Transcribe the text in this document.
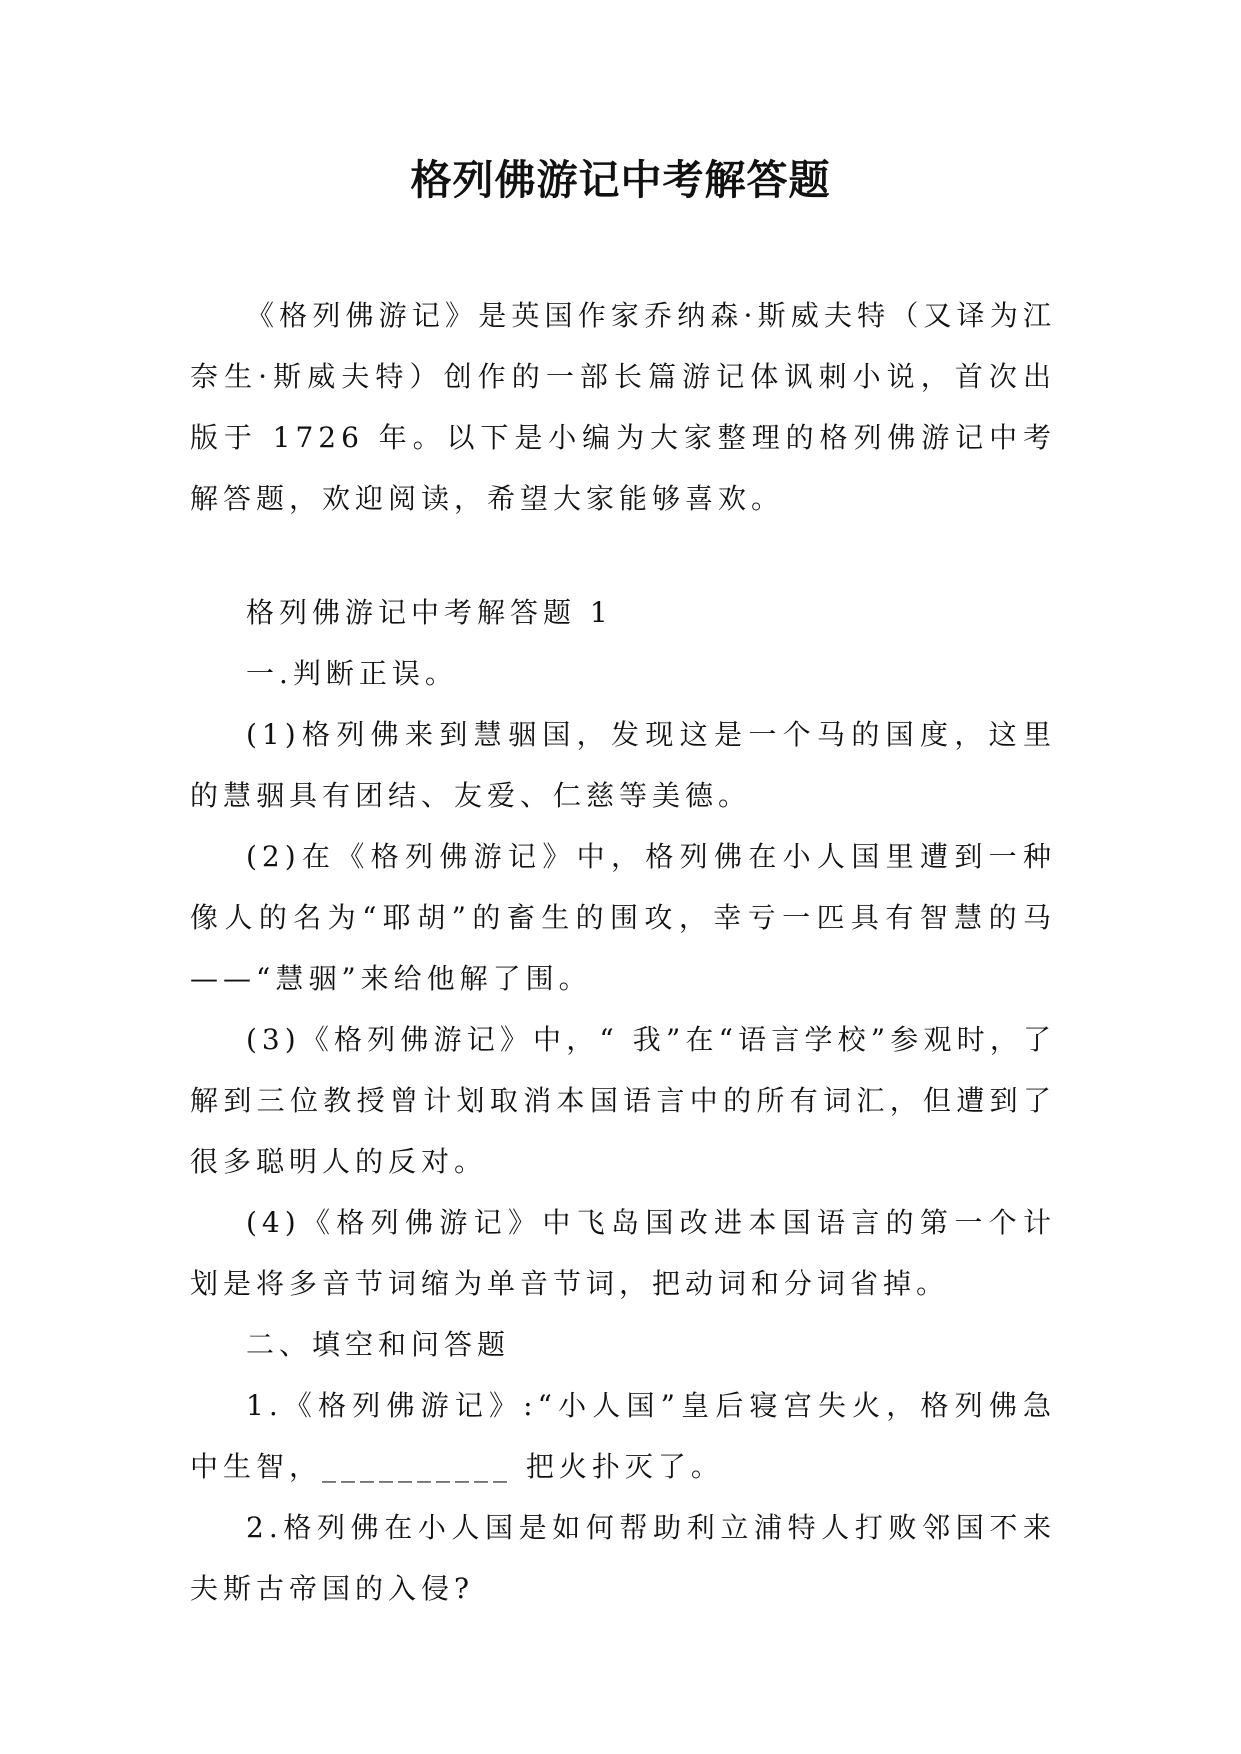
格列佛游记中考解答题

《格列佛游记》是英国作家乔纳森·斯威夫特（又译为江奈生·斯威夫特）创作的一部长篇游记体讽刺小说，首次出版于 1726 年。以下是小编为大家整理的格列佛游记中考解答题，欢迎阅读，希望大家能够喜欢。

格列佛游记中考解答题 1

一.判断正误。

(1)格列佛来到慧骃国，发现这是一个马的国度，这里的慧骃具有团结、友爱、仁慈等美德。

(2)在《格列佛游记》中，格列佛在小人国里遭到一种像人的名为“耶胡”的畜生的围攻，幸亏一匹具有智慧的马——“慧骃”来给他解了围。

(3)《格列佛游记》中，“ 我”在“语言学校”参观时，了解到三位教授曾计划取消本国语言中的所有词汇，但遭到了很多聪明人的反对。

(4)《格列佛游记》中飞岛国改进本国语言的第一个计划是将多音节词缩为单音节词，把动词和分词省掉。

二、填空和问答题

1.《格列佛游记》:“小人国”皇后寝宫失火，格列佛急中生智，__________ 把火扑灭了。

2.格列佛在小人国是如何帮助利立浦特人打败邻国不来夫斯古帝国的入侵?
